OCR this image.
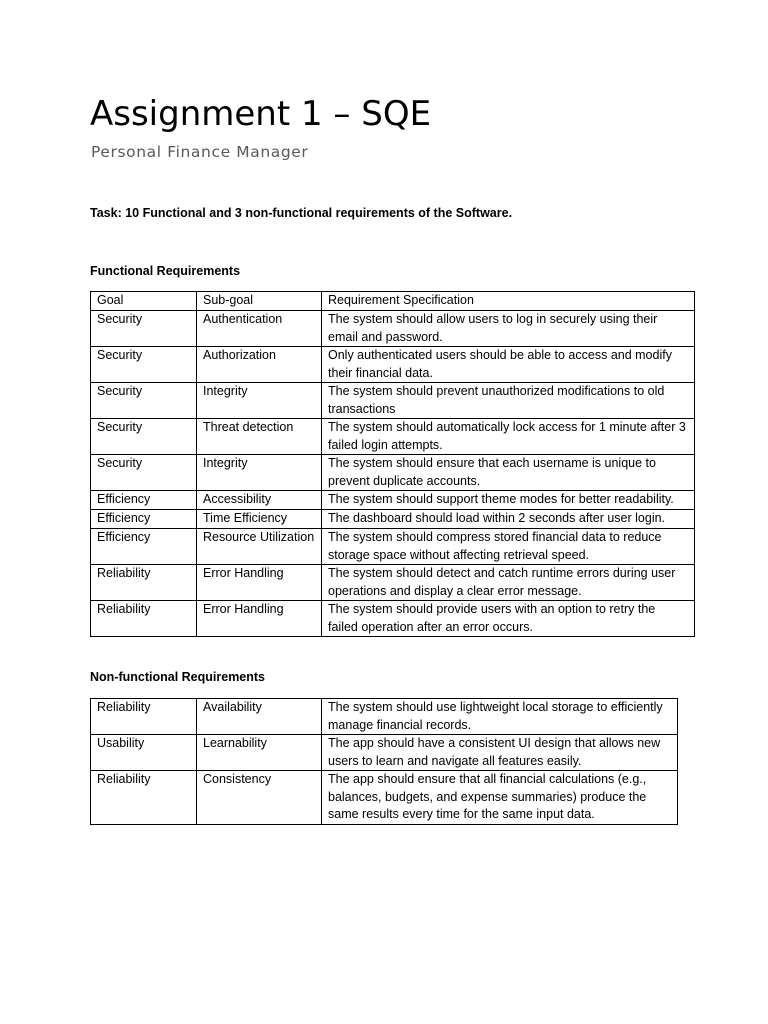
Assignment 1 – SQE

Personal Finance Manager

Task: 10 Functional and 3 non-functional requirements of the Software.

Functional Requirements

Goal	Sub-goal	Requirement Specification
Security	Authentication	The system should allow users to log in securely using their email and password.
Security	Authorization	Only authenticated users should be able to access and modify their financial data.
Security	Integrity	The system should prevent unauthorized modifications to old transactions
Security	Threat detection	The system should automatically lock access for 1 minute after 3 failed login attempts.
Security	Integrity	The system should ensure that each username is unique to prevent duplicate accounts.
Efficiency	Accessibility	The system should support theme modes for better readability.
Efficiency	Time Efficiency	The dashboard should load within 2 seconds after user login.
Efficiency	Resource Utilization	The system should compress stored financial data to reduce storage space without affecting retrieval speed.
Reliability	Error Handling	The system should detect and catch runtime errors during user operations and display a clear error message.
Reliability	Error Handling	The system should provide users with an option to retry the failed operation after an error occurs.

Non-functional Requirements

Reliability	Availability	The system should use lightweight local storage to efficiently manage financial records.
Usability	Learnability	The app should have a consistent UI design that allows new users to learn and navigate all features easily.
Reliability	Consistency	The app should ensure that all financial calculations (e.g., balances, budgets, and expense summaries) produce the same results every time for the same input data.
